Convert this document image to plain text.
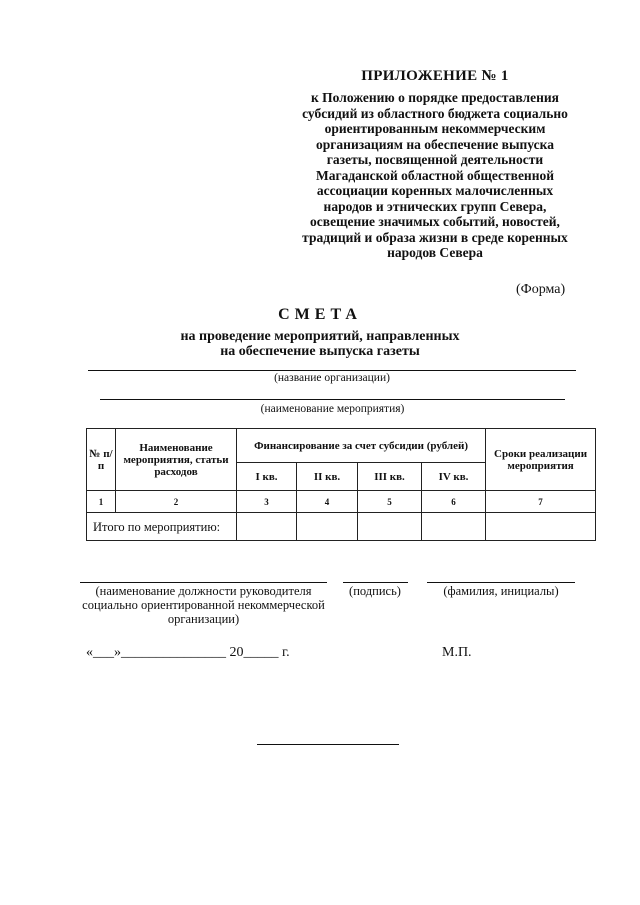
ПРИЛОЖЕНИЕ № 1
к Положению о порядке предоставления
субсидий из областного бюджета социально
ориентированным некоммерческим
организациям на обеспечение выпуска
газеты, посвященной деятельности
Магаданской областной общественной
ассоциации коренных малочисленных
народов и этнических групп Севера,
освещение значимых событий, новостей,
традиций и образа жизни в среде коренных
народов Севера
(Форма)
СМЕТА
на проведение мероприятий, направленных
на обеспечение выпуска газеты
(название организации)
(наименование мероприятия)
№ п/п	Наименование мероприятия, статьи расходов	Финансирование за счет субсидии (рублей)				Сроки реализации мероприятия
		I кв.	II кв.	III кв.	IV кв.	
1	2	3	4	5	6	7
Итого по мероприятию:						
(наименование должности руководителя социально ориентированной некоммерческой организации)
(подпись)	(фамилия, инициалы)
«___»_______________ 20_____ г.	М.П.
